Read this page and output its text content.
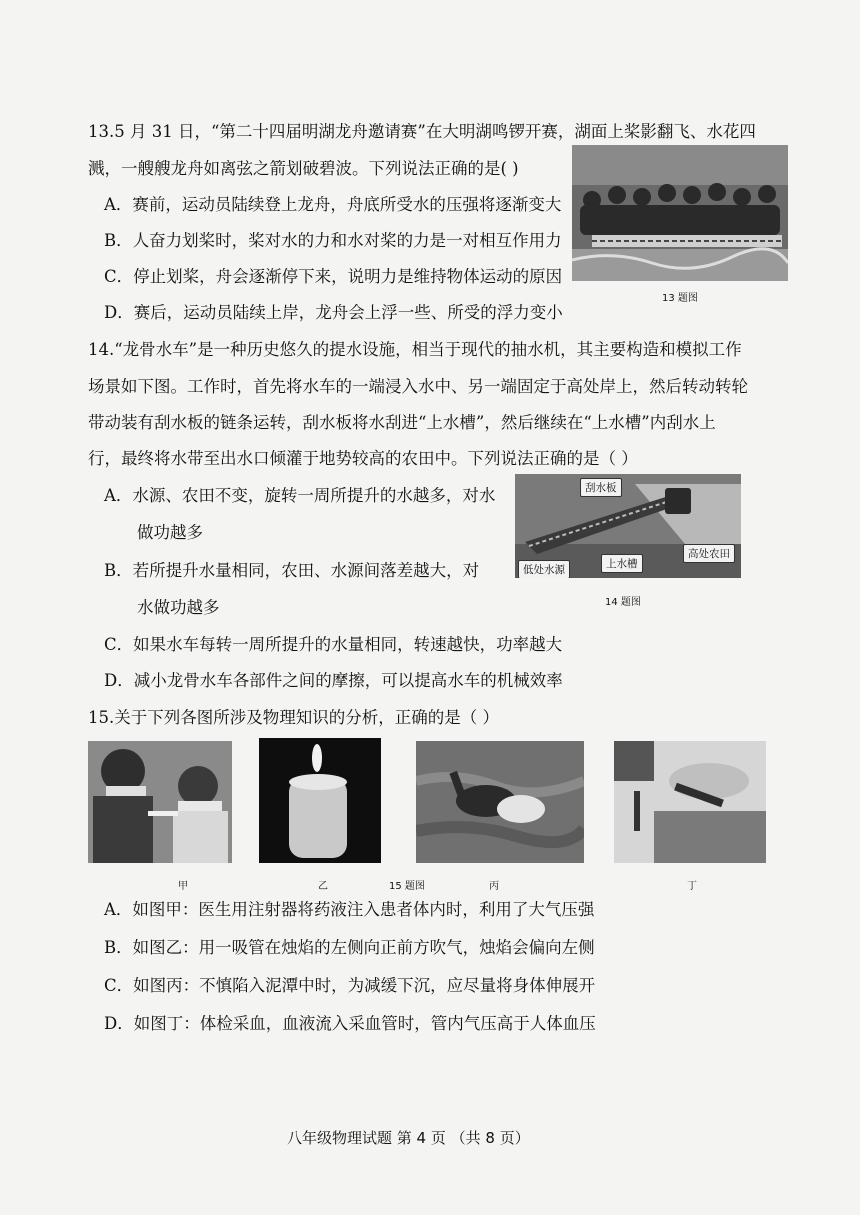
13.5 月 31 日，“第二十四届明湖龙舟邀请赛”在大明湖鸣锣开赛，湖面上桨影翻飞、水花四
溅，一艘艘龙舟如离弦之箭划破碧波。下列说法正确的是( )
A．赛前，运动员陆续登上龙舟，舟底所受水的压强将逐渐变大
B．人奋力划桨时，桨对水的力和水对桨的力是一对相互作用力
C．停止划桨，舟会逐渐停下来，说明力是维持物体运动的原因
D．赛后，运动员陆续上岸，龙舟会上浮一些、所受的浮力变小
13 题图
14.“龙骨水车”是一种历史悠久的提水设施，相当于现代的抽水机，其主要构造和模拟工作
场景如下图。工作时，首先将水车的一端浸入水中、另一端固定于高处岸上，然后转动转轮
带动装有刮水板的链条运转，刮水板将水刮进“上水槽”，然后继续在“上水槽”内刮水上
行，最终将水带至出水口倾灌于地势较高的农田中。下列说法正确的是（ ）
A．水源、农田不变，旋转一周所提升的水越多，对水
做功越多
B．若所提升水量相同，农田、水源间落差越大，对
水做功越多
C．如果水车每转一周所提升的水量相同，转速越快，功率越大
D．减小龙骨水车各部件之间的摩擦，可以提高水车的机械效率
刮水板
上水槽
高处农田
低处水源
14 题图
15.关于下列各图所涉及物理知识的分析，正确的是（ ）
甲	乙	15 题图	丙	丁
A．如图甲：医生用注射器将药液注入患者体内时，利用了大气压强
B．如图乙：用一吸管在烛焰的左侧向正前方吹气，烛焰会偏向左侧
C．如图丙：不慎陷入泥潭中时，为减缓下沉，应尽量将身体伸展开
D．如图丁：体检采血，血液流入采血管时，管内气压高于人体血压
八年级物理试题 第 4 页 （共 8 页）
